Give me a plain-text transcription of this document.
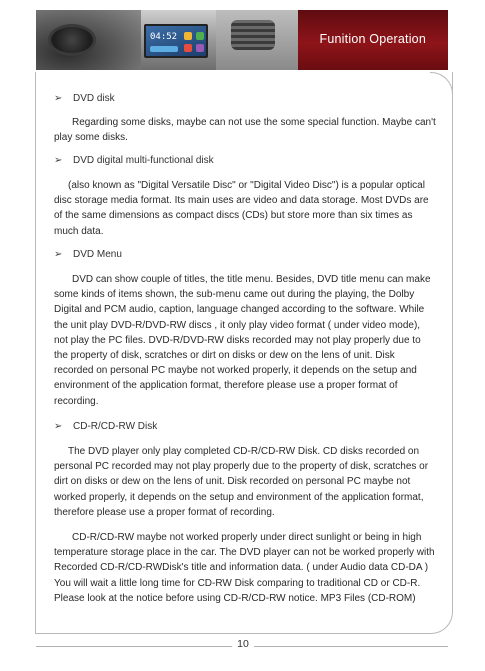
04:52	Funition Operation
➢ DVD disk
Regarding some disks, maybe can not use the some special function. Maybe can't play some disks.
➢ DVD digital multi-functional disk
(also known as "Digital Versatile Disc" or "Digital Video Disc") is a popular optical disc storage media format. Its main uses are video and data storage. Most DVDs are of the same dimensions as compact discs (CDs) but store more than six times as much data.
➢ DVD Menu
DVD can show couple of titles, the title menu. Besides, DVD title menu can make some kinds of items shown, the sub-menu came out during the playing, the Dolby Digital and PCM audio, caption, language changed according to the software. While the unit play DVD-R/DVD-RW discs , it only play video format ( under video mode), not play the PC files. DVD-R/DVD-RW disks recorded may not play properly due to the property of disk, scratches or dirt on disks or dew on the lens of unit. Disk recorded on personal PC maybe not worked properly, it depends on the setup and environment of the application format, therefore please use a proper format of recording.
➢ CD-R/CD-RW Disk
The DVD player only play completed CD-R/CD-RW Disk. CD disks recorded on personal PC recorded may not play properly due to the property of disk, scratches or dirt on disks or dew on the lens of unit. Disk recorded on personal PC maybe not worked properly, it depends on the setup and environment of the application format, therefore please use a proper format of recording.
CD-R/CD-RW maybe not worked properly under direct sunlight or being in high temperature storage place in the car. The DVD player can not be worked properly with Recorded CD-R/CD-RWDisk's title and information data. ( under Audio data CD-DA ) You will wait a little long time for CD-RW Disk comparing to traditional CD or CD-R. Please look at the notice before using CD-R/CD-RW notice. MP3 Files (CD-ROM)
10
